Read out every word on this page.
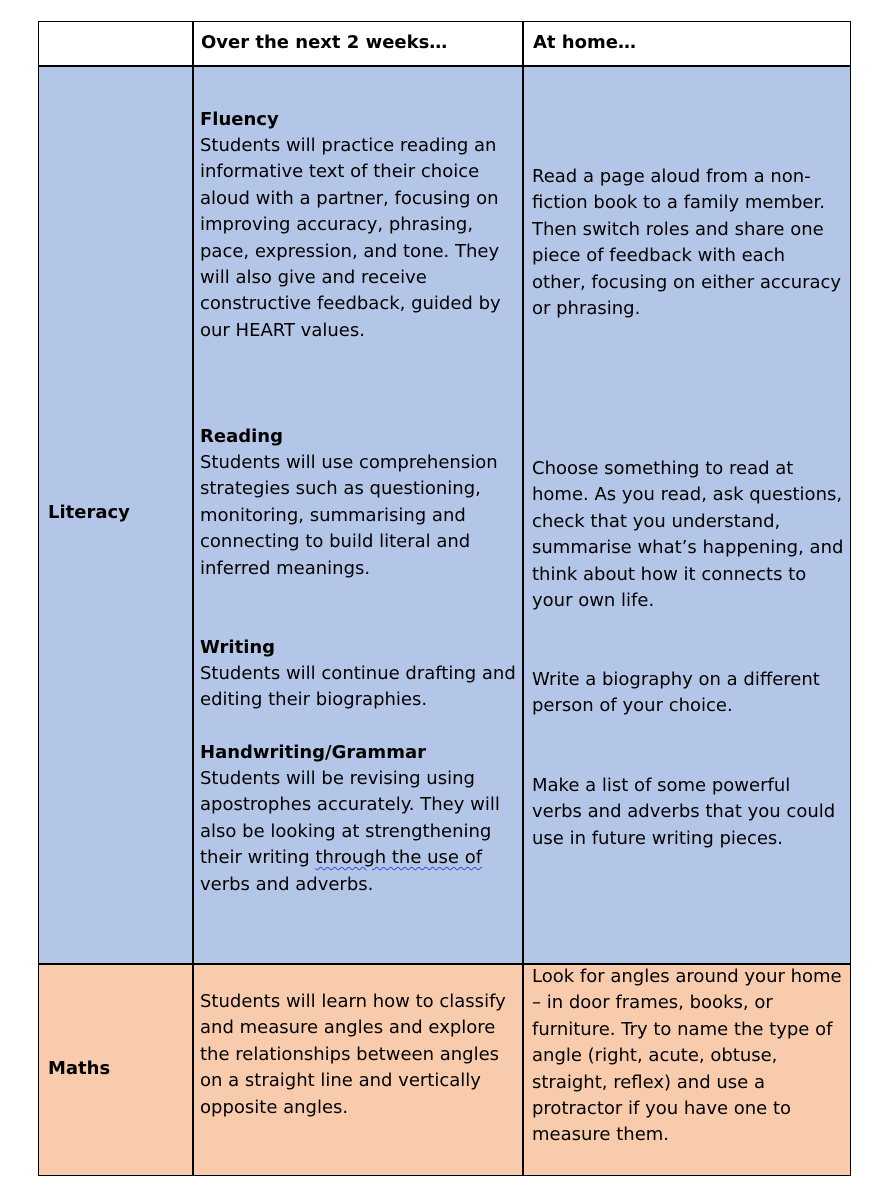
Over the next 2 weeks…	At home…
Literacy

Fluency

Students will practice reading an informative text of their choice aloud with a partner, focusing on improving accuracy, phrasing, pace, expression, and tone. They will also give and receive constructive feedback, guided by our HEART values.

Reading

Students will use comprehension strategies such as questioning, monitoring, summarising and connecting to build literal and inferred meanings.

Writing

Students will continue drafting and editing their biographies.

Handwriting/Grammar

Students will be revising using apostrophes accurately. They will also be looking at strengthening their writing through the use of verbs and adverbs.

Read a page aloud from a non-fiction book to a family member. Then switch roles and share one piece of feedback with each other, focusing on either accuracy or phrasing.

Choose something to read at home. As you read, ask questions, check that you understand, summarise what’s happening, and think about how it connects to your own life.

Write a biography on a different person of your choice.

Make a list of some powerful verbs and adverbs that you could use in future writing pieces.

Maths

Students will learn how to classify and measure angles and explore the relationships between angles on a straight line and vertically opposite angles.

Look for angles around your home – in door frames, books, or furniture. Try to name the type of angle (right, acute, obtuse, straight, reflex) and use a protractor if you have one to measure them.
